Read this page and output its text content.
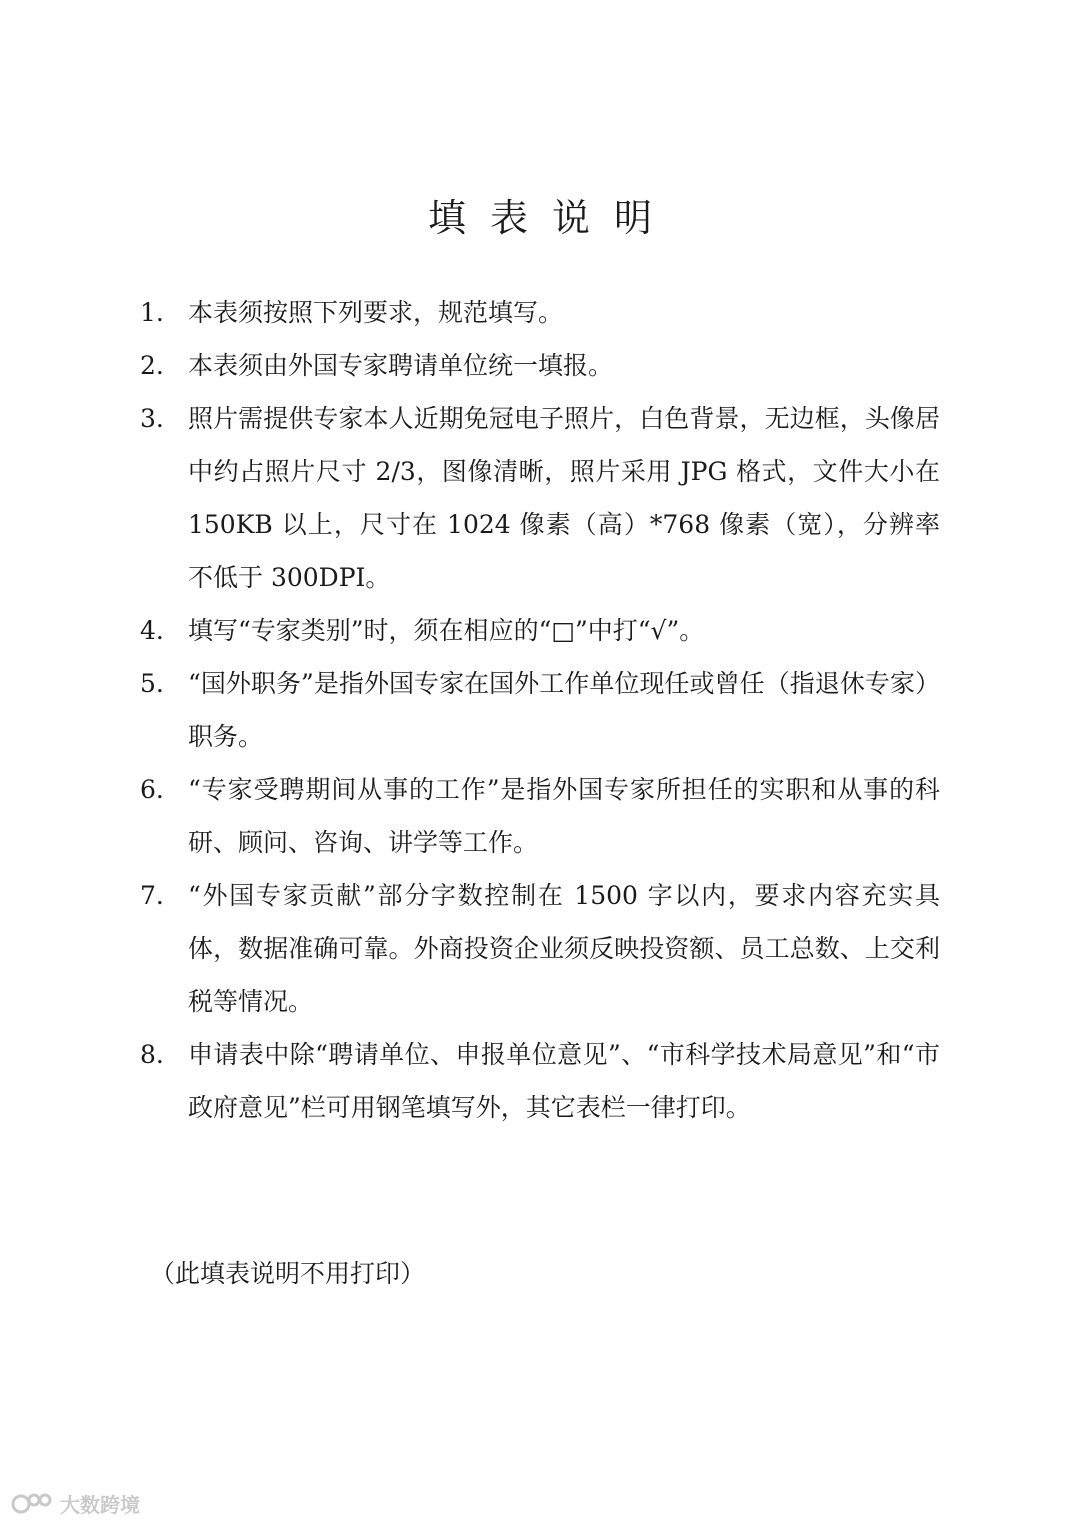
填表说明
1. 本表须按照下列要求，规范填写。
2. 本表须由外国专家聘请单位统一填报。
3. 照片需提供专家本人近期免冠电子照片，白色背景，无边框，头像居中约占照片尺寸 2/3，图像清晰，照片采用 JPG 格式，文件大小在 150KB 以上，尺寸在 1024 像素（高）*768 像素（宽），分辨率不低于 300DPI。
4. 填写“专家类别”时，须在相应的“□”中打“√”。
5. “国外职务”是指外国专家在国外工作单位现任或曾任（指退休专家）职务。
6. “专家受聘期间从事的工作”是指外国专家所担任的实职和从事的科研、顾问、咨询、讲学等工作。
7. “外国专家贡献”部分字数控制在 1500 字以内，要求内容充实具体，数据准确可靠。外商投资企业须反映投资额、员工总数、上交利税等情况。
8. 申请表中除“聘请单位、申报单位意见”、“市科学技术局意见”和“市政府意见”栏可用钢笔填写外，其它表栏一律打印。

（此填表说明不用打印）

大数跨境
